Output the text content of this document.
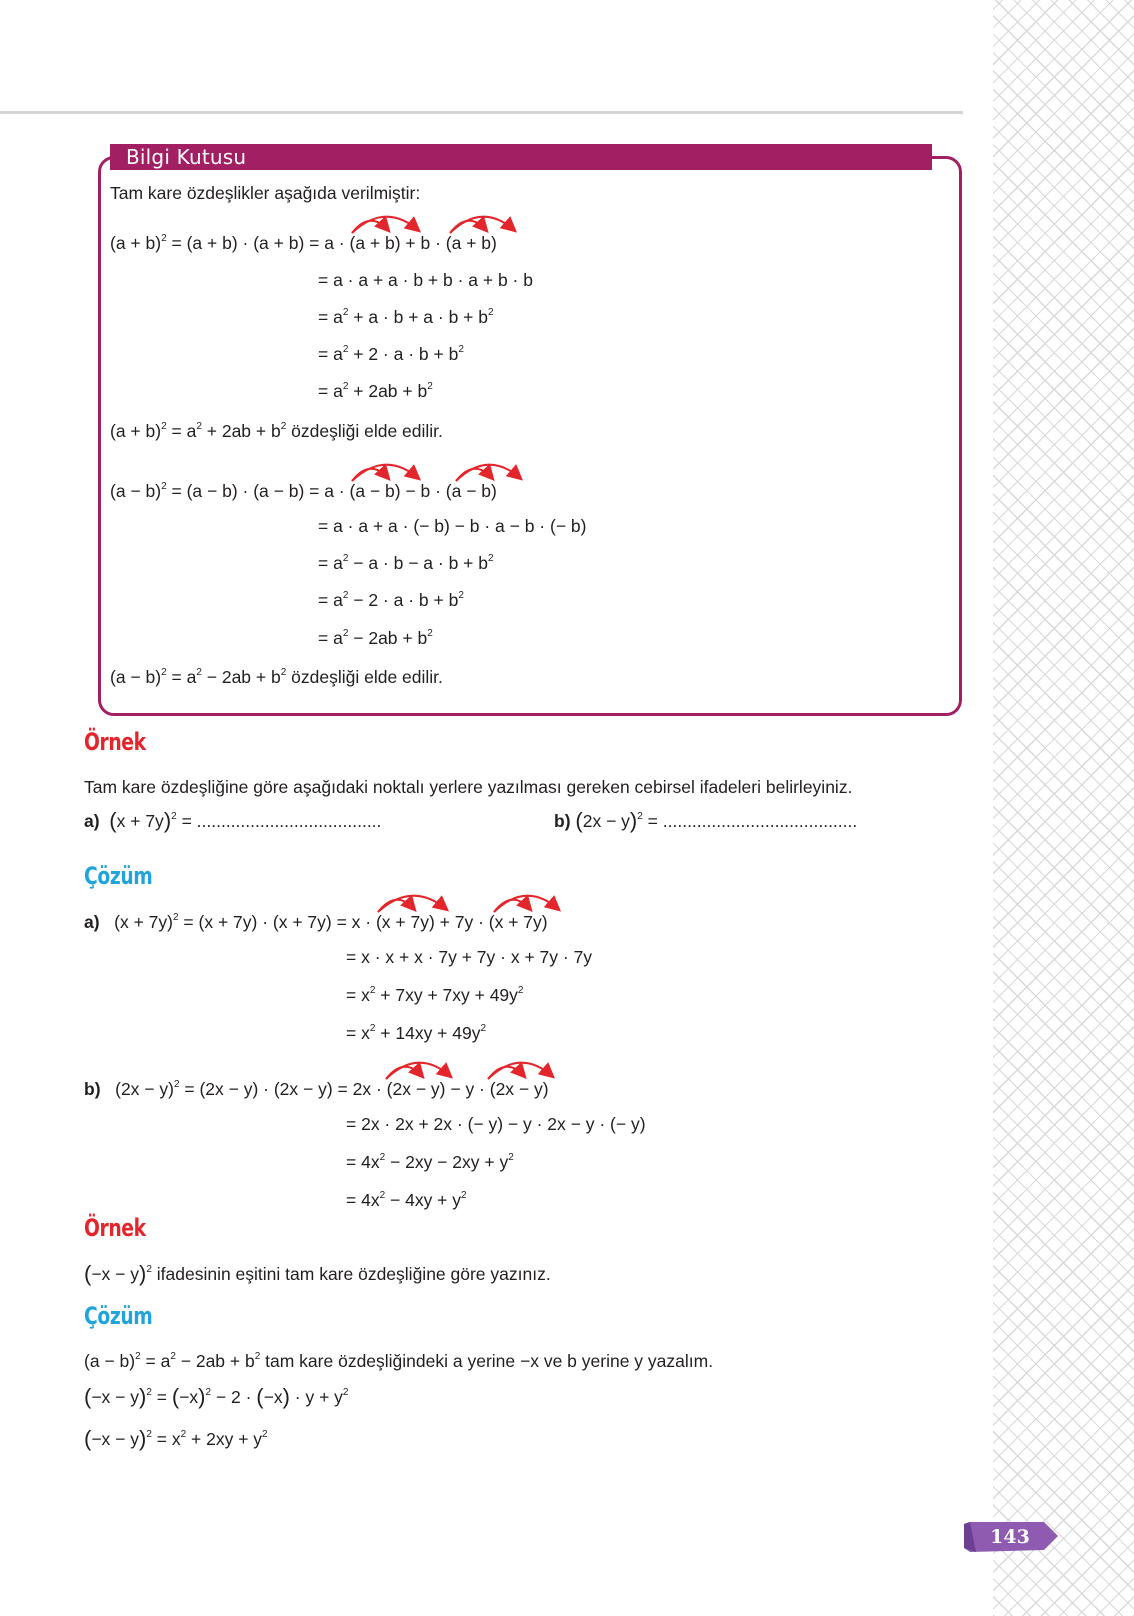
Bilgi Kutusu
Tam kare özdeşlikler aşağıda verilmiştir:
$(a + b)^2 = (a + b) \cdot (a + b) = a \cdot (a + b) + b \cdot (a + b)$
= a · a + a · b + b · a + b · b
= $a^2 + a \cdot b + a \cdot b + b^2$
= $a^2 + 2 \cdot a \cdot b + b^2$
= $a^2 + 2ab + b^2$
$(a + b)^2 = a^2 + 2ab + b^2$ özdeşliği elde edilir.
$(a - b)^2 = (a - b) \cdot (a - b) = a \cdot (a - b) - b \cdot (a - b)$
= a · a + a · (− b) − b · a − b · (− b)
= $a^2 - a \cdot b - a \cdot b + b^2$
= $a^2 - 2 \cdot a \cdot b + b^2$
= $a^2 - 2ab + b^2$
$(a - b)^2 = a^2 - 2ab + b^2$ özdeşliği elde edilir.
Örnek
Tam kare özdeşliğine göre aşağıdaki noktalı yerlere yazılması gereken cebirsel ifadeleri belirleyiniz.
a) $(x + 7y)^2$ = ......................................	b) $(2x - y)^2$ = ........................................
Çözüm
a) $(x + 7y)^2 = (x + 7y) \cdot (x + 7y) = x \cdot (x + 7y) + 7y \cdot (x + 7y)$
= x · x + x · 7y + 7y · x + 7y · 7y
= $x^2 + 7xy + 7xy + 49y^2$
= $x^2 + 14xy + 49y^2$
b) $(2x - y)^2 = (2x - y) \cdot (2x - y) = 2x \cdot (2x - y) - y \cdot (2x - y)$
= 2x · 2x + 2x · (− y) − y · 2x − y · (− y)
= $4x^2 - 2xy - 2xy + y^2$
= $4x^2 - 4xy + y^2$
Örnek
$(-x - y)^2$ ifadesinin eşitini tam kare özdeşliğine göre yazınız.
Çözüm
$(a - b)^2 = a^2 - 2ab + b^2$ tam kare özdeşliğindeki a yerine −x ve b yerine y yazalım.
$(-x - y)^2 = (-x)^2 - 2 \cdot (-x) \cdot y + y^2$
$(-x - y)^2 = x^2 + 2xy + y^2$
143
